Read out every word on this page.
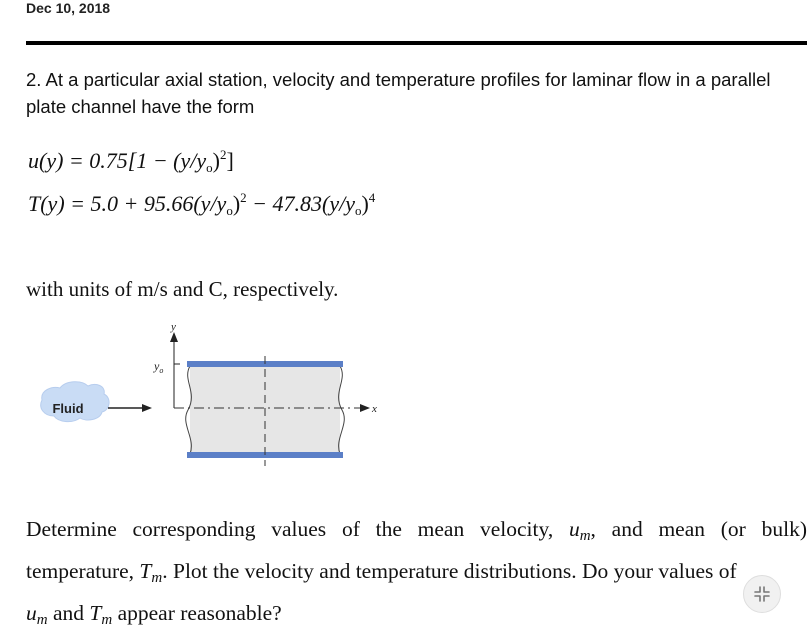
Dec 10, 2018
2. At a particular axial station, velocity and temperature profiles for laminar flow in a parallel plate channel have the form
$u(y) = 0.75[1 - (y/y_o)^2]$
$T(y) = 5.0 + 95.66(y/y_o)^2 - 47.83(y/y_o)^4$
with units of m/s and C, respectively.
Fluid
y
$y_o$
x
Determine corresponding values of the mean velocity, $u_m$, and mean (or bulk)
temperature, $T_m$. Plot the velocity and temperature distributions. Do your values of
$u_m$ and $T_m$ appear reasonable?
